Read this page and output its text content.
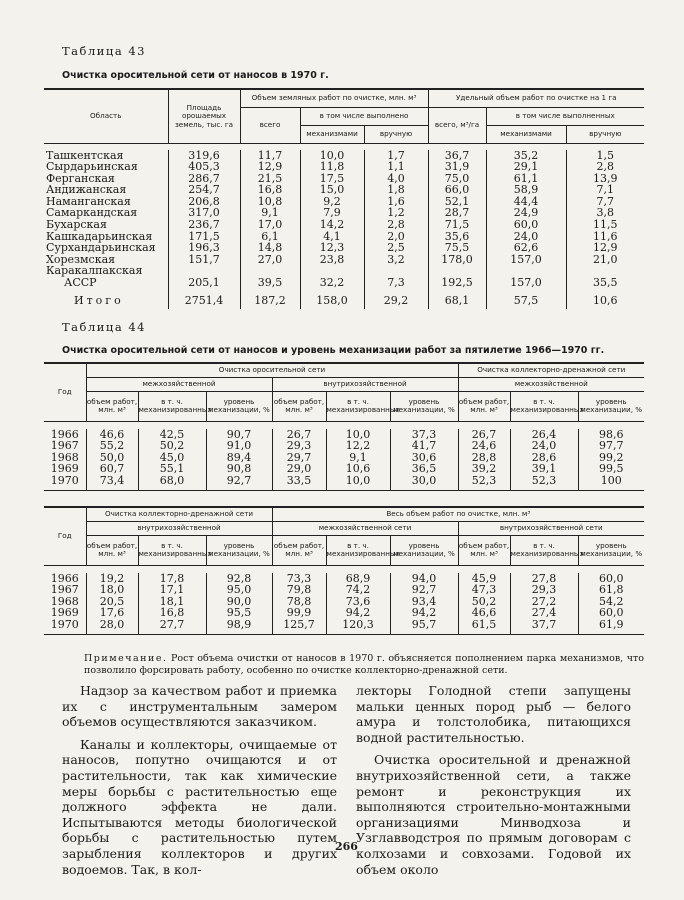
Таблица 43
Очистка оросительной сети от наносов в 1970 г.
Область	Площадь орошаемых земель, тыс. га	Объем земляных работ по очистке, млн. м³			Удельный объем работ по очистке на 1 га		
		всего	в том числе выполнено		всего, м³/га	в том числе выполненных	
			механизмами	вручную		механизмами	вручную

Ташкентская	319,6	11,7	10,0	1,7	36,7	35,2	1,5
Сырдарьинская	405,3	12,9	11,8	1,1	31,9	29,1	2,8
Ферганская	286,7	21,5	17,5	4,0	75,0	61,1	13,9
Андижанская	254,7	16,8	15,0	1,8	66,0	58,9	7,1
Наманганская	206,8	10,8	9,2	1,6	52,1	44,4	7,7
Самаркандская	317,0	9,1	7,9	1,2	28,7	24,9	3,8
Бухарская	236,7	17,0	14,2	2,8	71,5	60,0	11,5
Кашкадарьинская	171,5	6,1	4,1	2,0	35,6	24,0	11,6
Сурхандарьинская	196,3	14,8	12,3	2,5	75,5	62,6	12,9
Хорезмская	151,7	27,0	23,8	3,2	178,0	157,0	21,0
Каракалпакская							
АССР	205,1	39,5	32,2	7,3	192,5	157,0	35,5

Итого	2751,4	187,2	158,0	29,2	68,1	57,5	10,6
Таблица 44
Очистка оросительной сети от наносов и уровень механизации работ за пятилетие 1966—1970 гг.
Год	Очистка оросительной сети						Очистка коллекторно-дренажной сети		
	межхозяйственной			внутрихозяйственной			межхозяйственной		
	объем работ, млн. м³	в т. ч. механизированных	уровень механизации, %	объем работ, млн. м³	в т. ч. механизированных	уровень механизации, %	объем работ, млн. м³	в т. ч. механизированных	уровень механизации, %

1966	46,6	42,5	90,7	26,7	10,0	37,3	26,7	26,4	98,6
1967	55,2	50,2	91,0	29,3	12,2	41,7	24,6	24,0	97,7
1968	50,0	45,0	89,4	29,7	9,1	30,6	28,8	28,6	99,2
1969	60,7	55,1	90,8	29,0	10,6	36,5	39,2	39,1	99,5
1970	73,4	68,0	92,7	33,5	10,0	30,0	52,3	52,3	100

Год	Очистка коллекторно-дренажной сети			Весь объем работ по очистке, млн. м³					
	внутрихозяйственной			межхозяйственной сети			внутрихозяйственной сети		
	объем работ, млн. м³	в т. ч. механизированных	уровень механизации, %	объем работ, млн. м³	в т. ч. механизированных	уровень механизации, %	объем работ, млн. м³	в т. ч. механизированных	уровень механизации, %

1966	19,2	17,8	92,8	73,3	68,9	94,0	45,9	27,8	60,0
1967	18,0	17,1	95,0	79,8	74,2	92,7	47,3	29,3	61,8
1968	20,5	18,1	90,0	78,8	73,6	93,4	50,2	27,2	54,2
1969	17,6	16,8	95,5	99,9	94,2	94,2	46,6	27,4	60,0
1970	28,0	27,7	98,9	125,7	120,3	95,7	61,5	37,7	61,9

Примечание. Рост объема очистки от наносов в 1970 г. объясняется пополнением парка механизмов, что позволило форсировать работу, особенно по очистке коллекторно-дренажной сети.

Надзор за качеством работ и приемка их с инструментальным замером объемов осуществляются заказчиком.

Каналы и коллекторы, очищаемые от наносов, попутно очищаются и от растительности, так как химические меры борьбы с растительностью еще должного эффекта не дали. Испытываются методы биологической борьбы с растительностью путем зарыбления коллекторов и других водоемов. Так, в кол-

лекторы Голодной степи запущены мальки ценных пород рыб — белого амура и толстолобика, питающихся водной растительностью.

Очистка оросительной и дренажной внутрихозяйственной сети, а также ремонт и реконструкция их выполняются строительно-монтажными организациями Минводхоза и Узглавводстроя по прямым договорам с колхозами и совхозами. Годовой их объем около

266
